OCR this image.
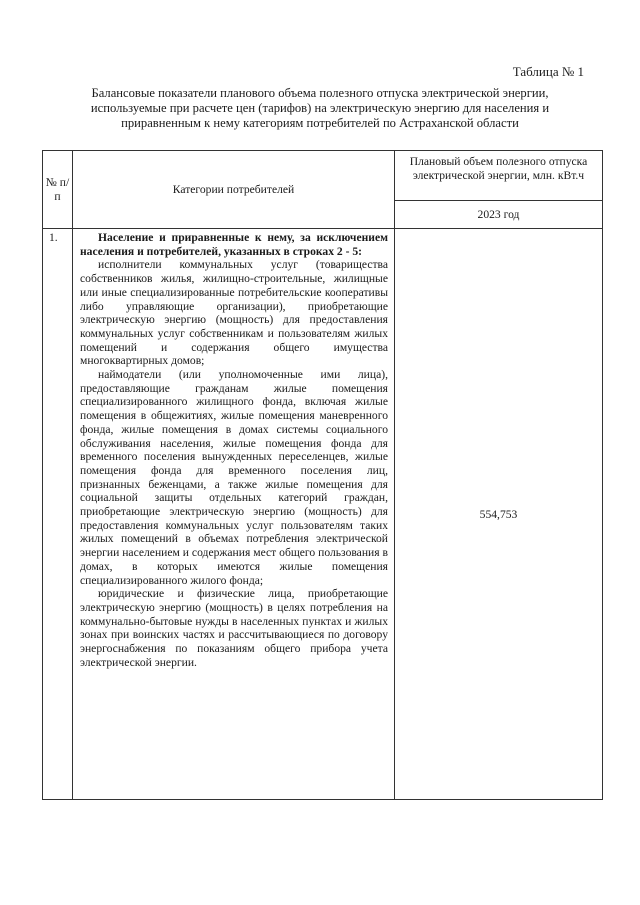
Таблица № 1
Балансовые показатели планового объема полезного отпуска электрической энергии, используемые при расчете цен (тарифов) на электрическую энергию для населения и приравненным к нему категориям потребителей по Астраханской области
№ п/п	Категории потребителей	Плановый объем полезного отпуска электрической энергии, млн. кВт.ч
		2023 год
1.	Население и приравненные к нему, за исключением населения и потребителей, указанных в строках 2 - 5:

исполнители коммунальных услуг (товарищества собственников жилья, жилищно-строительные, жилищные или иные специализированные потребительские кооперативы либо управляющие организации), приобретающие электрическую энергию (мощность) для предоставления коммунальных услуг собственникам и пользователям жилых помещений и содержания общего имущества многоквартирных домов;

наймодатели (или уполномоченные ими лица), предоставляющие гражданам жилые помещения специализированного жилищного фонда, включая жилые помещения в общежитиях, жилые помещения маневренного фонда, жилые помещения в домах системы социального обслуживания населения, жилые помещения фонда для временного поселения вынужденных переселенцев, жилые помещения фонда для временного поселения лиц, признанных беженцами, а также жилые помещения для социальной защиты отдельных категорий граждан, приобретающие электрическую энергию (мощность) для предоставления коммунальных услуг пользователям таких жилых помещений в объемах потребления электрической энергии населением и содержания мест общего пользования в домах, в которых имеются жилые помещения специализированного жилого фонда;

юридические и физические лица, приобретающие электрическую энергию (мощность) в целях потребления на коммунально-бытовые нужды в населенных пунктах и жилых зонах при воинских частях и рассчитывающиеся по договору энергоснабжения по показаниям общего прибора учета электрической энергии.	554,753
